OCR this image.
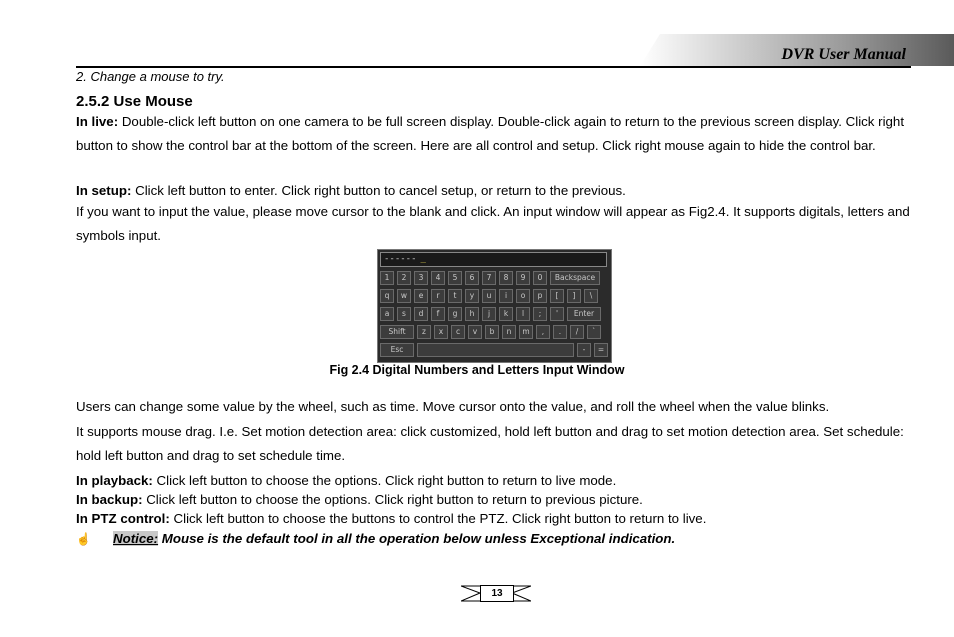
DVR User Manual
2. Change a mouse to try.
2.5.2 Use Mouse
In live: Double-click left button on one camera to be full screen display. Double-click again to return to the previous screen display. Click right button to show the control bar at the bottom of the screen. Here are all control and setup. Click right mouse again to hide the control bar.
In setup: Click left button to enter. Click right button to cancel setup, or return to the previous.
If you want to input the value, please move cursor to the blank and click. An input window will appear as Fig2.4. It supports digitals, letters and symbols input.
------ _
1	2	3	4	5	6	7	8	9	0	Backspace
q	w	e	r	t	y	u	i	o	p	[	]	\
a	s	d	f	g	h	j	k	l	;	'	Enter
Shift	z	x	c	v	b	n	m	,	.	/	`
Esc	-	=
Fig 2.4 Digital Numbers and Letters Input Window
Users can change some value by the wheel, such as time. Move cursor onto the value, and roll the wheel when the value blinks.
It supports mouse drag. I.e. Set motion detection area: click customized, hold left button and drag to set motion detection area. Set schedule: hold left button and drag to set schedule time.
In playback: Click left button to choose the options. Click right button to return to live mode.
In backup: Click left button to choose the options. Click right button to return to previous picture.
In PTZ control: Click left button to choose the buttons to control the PTZ. Click right button to return to live.
☝ Notice: Mouse is the default tool in all the operation below unless Exceptional indication.
13
